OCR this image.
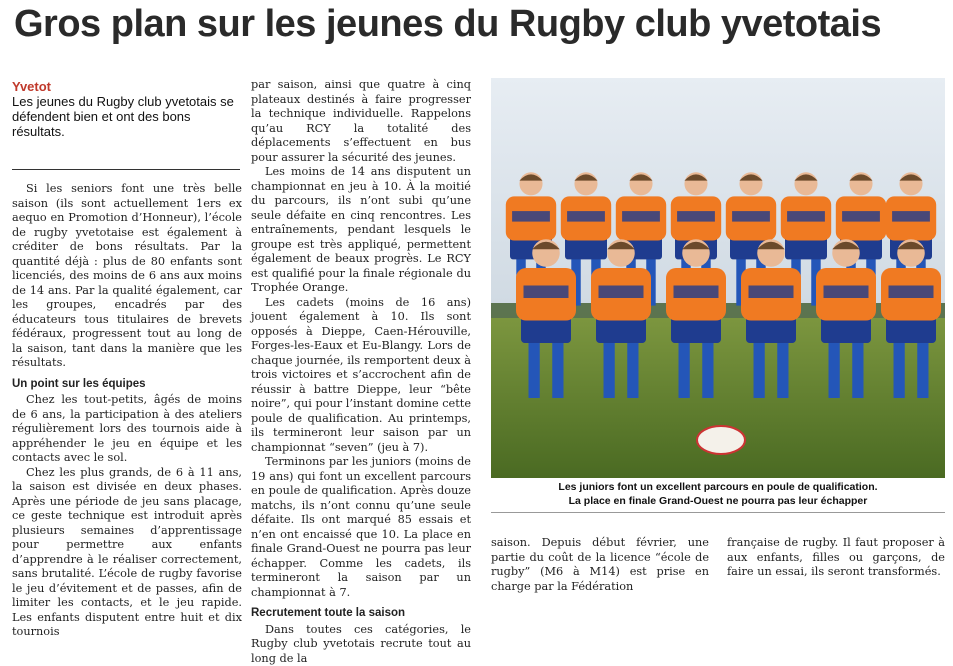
Gros plan sur les jeunes du Rugby club yvetotais
Yvetot
Les jeunes du Rugby club yvetotais se défendent bien et ont des bons résultats.

Si les seniors font une très belle saison (ils sont actuellement 1ers ex aequo en Promotion d’Honneur), l’école de rugby yvetotaise est également à créditer de bons résultats. Par la quantité déjà : plus de 80 enfants sont licenciés, des moins de 6 ans aux moins de 14 ans. Par la qualité également, car les groupes, encadrés par des éducateurs tous titulaires de brevets fédéraux, progressent tout au long de la saison, tant dans la manière que les résultats.

Un point sur les équipes

Chez les tout-petits, âgés de moins de 6 ans, la participation à des ateliers régulièrement lors des tournois aide à appréhender le jeu en équipe et les contacts avec le sol.

Chez les plus grands, de 6 à 11 ans, la saison est divisée en deux phases. Après une période de jeu sans placage, ce geste technique est introduit après plusieurs semaines d’apprentissage pour permettre aux enfants d’apprendre à le réaliser correctement, sans brutalité. L’école de rugby favorise le jeu d’évitement et de passes, afin de limiter les contacts, et le jeu rapide. Les enfants disputent entre huit et dix tournois

par saison, ainsi que quatre à cinq plateaux destinés à faire progresser la technique individuelle. Rappelons qu’au RCY la totalité des déplacements s’effectuent en bus pour assurer la sécurité des jeunes.

Les moins de 14 ans disputent un championnat en jeu à 10. À la moitié du parcours, ils n’ont subi qu’une seule défaite en cinq rencontres. Les entraînements, pendant lesquels le groupe est très appliqué, permettent également de beaux progrès. Le RCY est qualifié pour la finale régionale du Trophée Orange.

Les cadets (moins de 16 ans) jouent également à 10. Ils sont opposés à Dieppe, Caen-Hérouville, Forges-les-Eaux et Eu-Blangy. Lors de chaque journée, ils remportent deux à trois victoires et s’accrochent afin de réussir à battre Dieppe, leur “bête noire”, qui pour l’instant domine cette poule de qualification. Au printemps, ils termineront leur saison par un championnat “seven” (jeu à 7).

Terminons par les juniors (moins de 19 ans) qui font un excellent parcours en poule de qualification. Après douze matchs, ils n’ont connu qu’une seule défaite. Ils ont marqué 85 essais et n’en ont encaissé que 10. La place en finale Grand-Ouest ne pourra pas leur échapper. Comme les cadets, ils termineront la saison par un championnat à 7.

Recrutement toute la saison

Dans toutes ces catégories, le Rugby club yvetotais recrute tout au long de la

Les juniors font un excellent parcours en poule de qualification.
La place en finale Grand-Ouest ne pourra pas leur échapper

saison. Depuis début février, une partie du coût de la licence “école de rugby” (M6 à M14) est prise en charge par la Fédération

française de rugby. Il faut proposer à aux enfants, filles ou garçons, de faire un essai, ils seront transformés.
